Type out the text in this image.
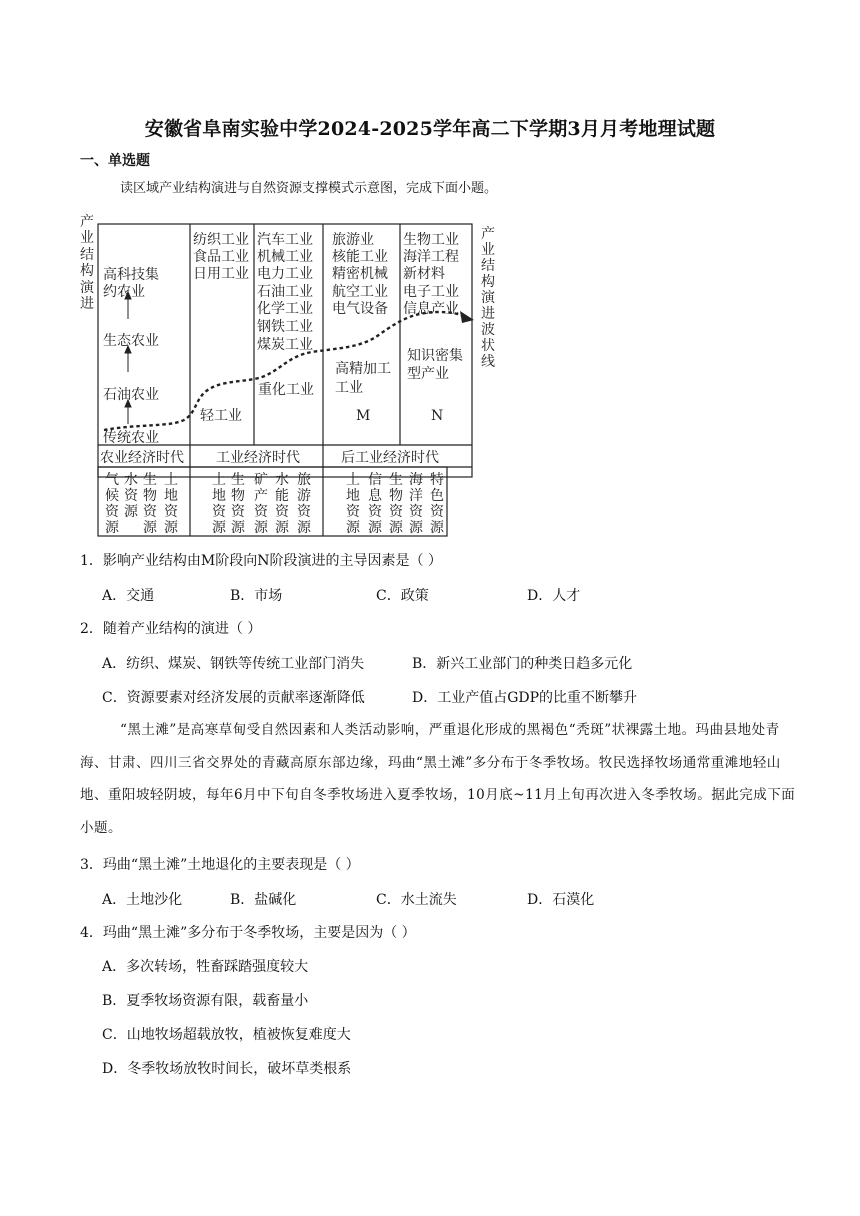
安徽省阜南实验中学2024-2025学年高二下学期3月月考地理试题
一、单选题
读区域产业结构演进与自然资源支撑模式示意图，完成下面小题。
产
业
结
构
演
进
产
业
结
构
演
进
波
状
线
高科技集
约农业
生态农业
石油农业
传统农业
纺织工业
食品工业
日用工业
轻工业
汽车工业
机械工业
电力工业
石油工业
化学工业
钢铁工业
煤炭工业
重化工业
旅游业
核能工业
精密机械
航空工业
电气设备
高精加工
工业
M
生物工业
海洋工程
新材料
电子工业
信息产业
知识密集
型产业
N
农业经济时代 工业经济时代	后工业经济时代
气
候
资
源
水
资
源
生
物
资
源
土
地
资
源
土
地
资
源
生
物
资
源
矿
产
资
源
水
能
资
源
旅
游
资
源
土
地
资
源
信
息
资
源
生
物
资
源
海
洋
资
源
特
色
资
源
1．影响产业结构由M阶段向N阶段演进的主导因素是（ ）
A．交通	B．市场	C．政策	D．人才
2．随着产业结构的演进（ ）
A．纺织、煤炭、钢铁等传统工业部门消失	B．新兴工业部门的种类日趋多元化
C．资源要素对经济发展的贡献率逐渐降低	D．工业产值占GDP的比重不断攀升
“黑土滩”是高寒草甸受自然因素和人类活动影响，严重退化形成的黑褐色“秃斑”状裸露土地。玛曲县地处青海、甘肃、四川三省交界处的青藏高原东部边缘，玛曲“黑土滩”多分布于冬季牧场。牧民选择牧场通常重滩地轻山地、重阳坡轻阴坡，每年6月中下旬自冬季牧场进入夏季牧场，10月底~11月上旬再次进入冬季牧场。据此完成下面小题。
3．玛曲“黑土滩”土地退化的主要表现是（ ）
A．土地沙化	B．盐碱化	C．水土流失	D．石漠化
4．玛曲“黑土滩”多分布于冬季牧场，主要是因为（ ）
A．多次转场，牲畜踩踏强度较大
B．夏季牧场资源有限，载畜量小
C．山地牧场超载放牧，植被恢复难度大
D．冬季牧场放牧时间长，破坏草类根系
